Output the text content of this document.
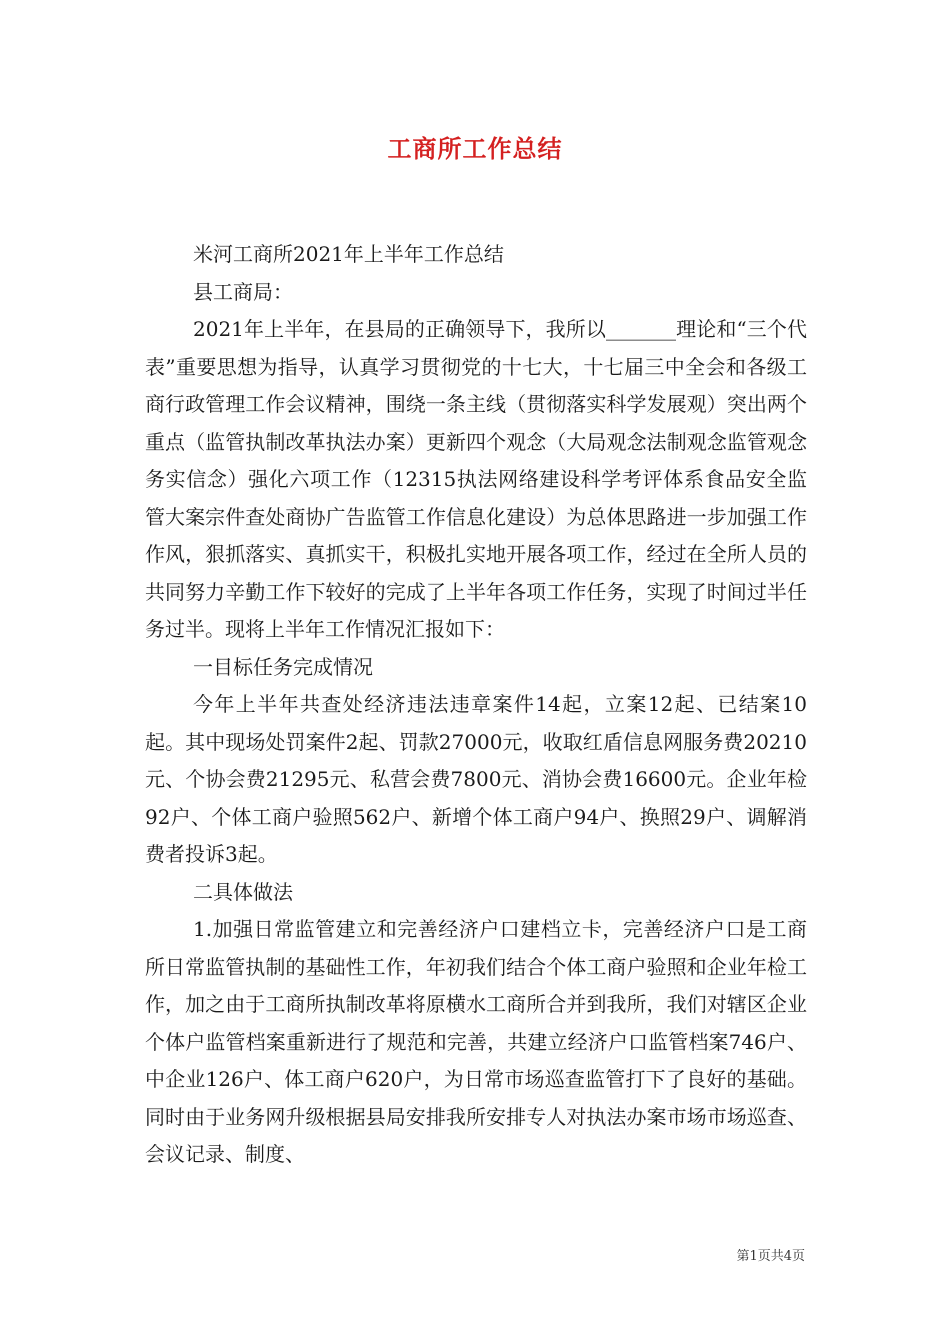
工商所工作总结

米河工商所2021年上半年工作总结

县工商局：

2021年上半年，在县局的正确领导下，我所以_______理论和“三个代表”重要思想为指导，认真学习贯彻党的十七大，十七届三中全会和各级工商行政管理工作会议精神，围绕一条主线（贯彻落实科学发展观）突出两个重点（监管执制改革执法办案）更新四个观念（大局观念法制观念监管观念务实信念）强化六项工作（12315执法网络建设科学考评体系食品安全监管大案宗件查处商协广告监管工作信息化建设）为总体思路进一步加强工作作风，狠抓落实、真抓实干，积极扎实地开展各项工作，经过在全所人员的共同努力辛勤工作下较好的完成了上半年各项工作任务，实现了时间过半任务过半。现将上半年工作情况汇报如下：

一目标任务完成情况

今年上半年共查处经济违法违章案件14起，立案12起、已结案10起。其中现场处罚案件2起、罚款27000元，收取红盾信息网服务费20210元、个协会费21295元、私营会费7800元、消协会费16600元。企业年检92户、个体工商户验照562户、新增个体工商户94户、换照29户、调解消费者投诉3起。

二具体做法

1.加强日常监管建立和完善经济户口建档立卡，完善经济户口是工商所日常监管执制的基础性工作，年初我们结合个体工商户验照和企业年检工作，加之由于工商所执制改革将原横水工商所合并到我所，我们对辖区企业个体户监管档案重新进行了规范和完善，共建立经济户口监管档案746户、中企业126户、体工商户620户，为日常市场巡查监管打下了良好的基础。同时由于业务网升级根据县局安排我所安排专人对执法办案市场市场巡查、会议记录、制度、

第1页共4页
